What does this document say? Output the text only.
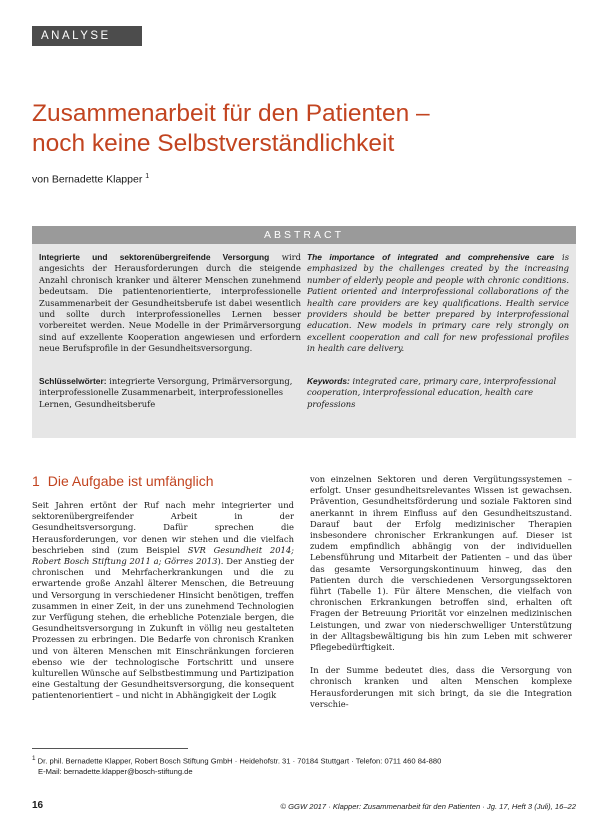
ANALYSE
Zusammenarbeit für den Patienten –
noch keine Selbstverständlichkeit
von Bernadette Klapper $^1$
ABSTRACT
Integrierte und sektorenübergreifende Versorgung wird angesichts der Herausforderungen durch die steigende Anzahl chronisch kranker und älterer Menschen zunehmend bedeutsam. Die patientenorientierte, interprofessionelle Zusammenarbeit der Gesundheitsberufe ist dabei wesentlich und sollte durch interprofessionelles Lernen besser vorbereitet werden. Neue Modelle in der Primärversorgung sind auf exzellente Kooperation angewiesen und erfordern neue Berufsprofile in der Gesundheitsversorgung.
The importance of integrated and comprehensive care is emphasized by the challenges created by the increasing number of elderly people and people with chronic conditions. Patient oriented and interprofessional collaborations of the health care providers are key qualifications. Health service providers should be better prepared by interprofessional education. New models in primary care rely strongly on excellent cooperation and call for new professional profiles in health care delivery.
Schlüsselwörter: integrierte Versorgung, Primärversorgung, interprofessionelle Zusammenarbeit, interprofessionelles Lernen, Gesundheitsberufe
Keywords: integrated care, primary care, interprofessional cooperation, interprofessional education, health care professions
1 Die Aufgabe ist umfänglich

Seit Jahren ertönt der Ruf nach mehr integrierter und sektorenübergreifender Arbeit in der Gesundheitsversorgung. Dafür sprechen die Herausforderungen, vor denen wir stehen und die vielfach beschrieben sind (zum Beispiel SVR Gesundheit 2014; Robert Bosch Stiftung 2011 a; Görres 2013). Der Anstieg der chronischen und Mehrfacherkrankungen und die zu erwartende große Anzahl älterer Menschen, die Betreuung und Versorgung in verschiedener Hinsicht benötigen, treffen zusammen in einer Zeit, in der uns zunehmend Technologien zur Verfügung stehen, die erhebliche Potenziale bergen, die Gesundheitsversorgung in Zukunft in völlig neu gestalteten Prozessen zu erbringen. Die Bedarfe von chronisch Kranken und von älteren Menschen mit Einschränkungen forcieren ebenso wie der technologische Fortschritt und unsere kulturellen Wünsche auf Selbstbestimmung und Partizipation eine Gestaltung der Gesundheitsversorgung, die konsequent patientenorientiert – und nicht in Abhängigkeit der Logik

von einzelnen Sektoren und deren Vergütungssystemen – erfolgt. Unser gesundheitsrelevantes Wissen ist gewachsen. Prävention, Gesundheitsförderung und soziale Faktoren sind anerkannt in ihrem Einfluss auf den Gesundheitszustand. Darauf baut der Erfolg medizinischer Therapien insbesondere chronischer Erkrankungen auf. Dieser ist zudem empfindlich abhängig von der individuellen Lebensführung und Mitarbeit der Patienten – und das über das gesamte Versorgungskontinuum hinweg, das den Patienten durch die verschiedenen Versorgungssektoren führt (Tabelle 1). Für ältere Menschen, die vielfach von chronischen Erkrankungen betroffen sind, erhalten oft Fragen der Betreuung Priorität vor einzelnen medizinischen Leistungen, und zwar von niederschwelliger Unterstützung in der Alltagsbewältigung bis hin zum Leben mit schwerer Pflegebedürftigkeit.

In der Summe bedeutet dies, dass die Versorgung von chronisch kranken und alten Menschen komplexe Herausforderungen mit sich bringt, da sie die Integration verschie-

$^1$ Dr. phil. Bernadette Klapper, Robert Bosch Stiftung GmbH · Heidehofstr. 31 · 70184 Stuttgart · Telefon: 0711 460 84-880
E-Mail: bernadette.klapper@bosch-stiftung.de
16	© GGW 2017 · Klapper: Zusammenarbeit für den Patienten · Jg. 17, Heft 3 (Juli), 16–22
